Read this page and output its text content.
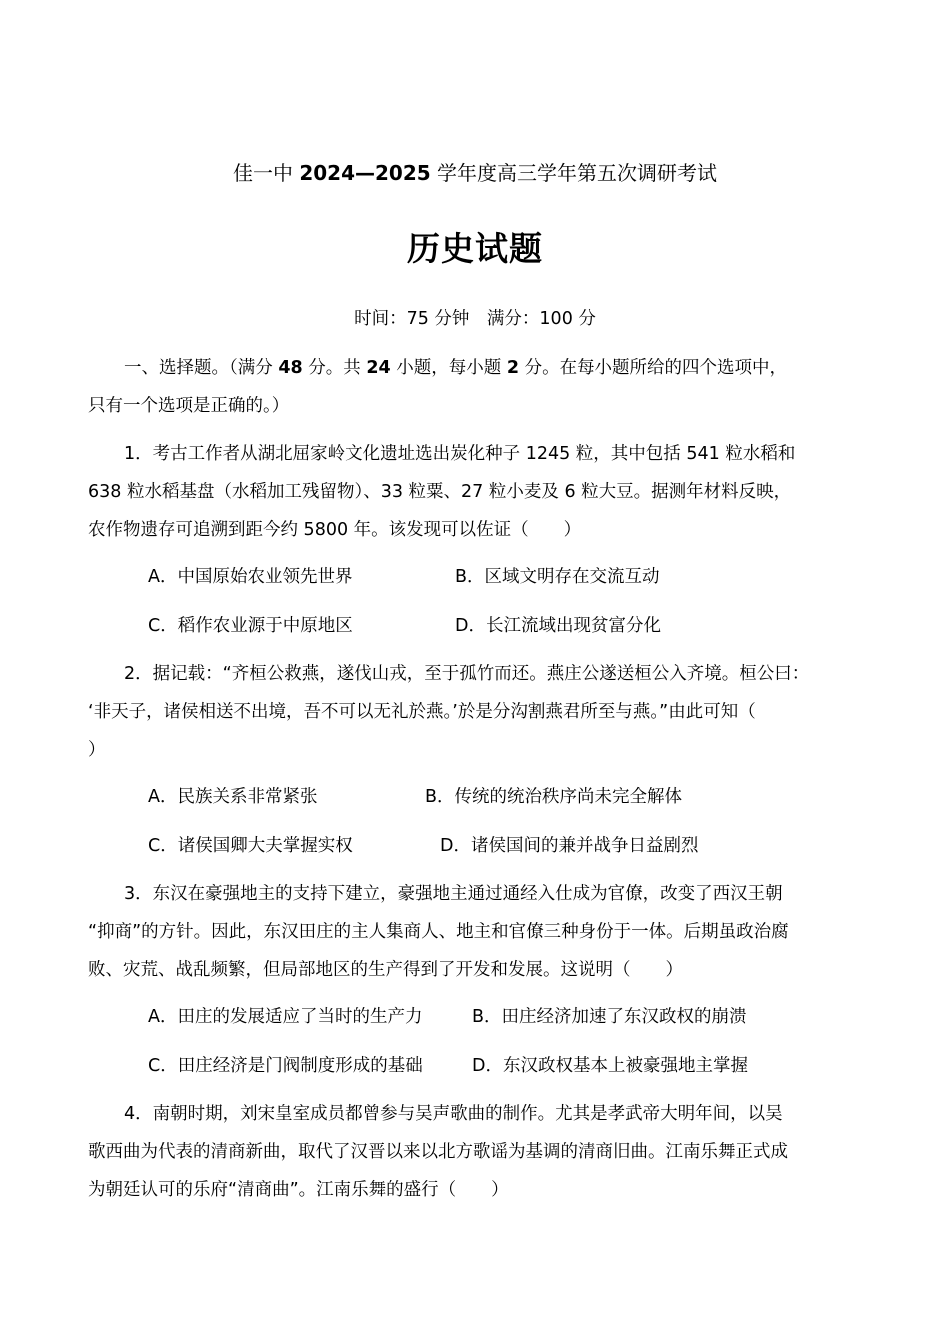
佳一中 2024—2025 学年度高三学年第五次调研考试
历史试题
时间：75 分钟　满分：100 分
一、选择题。（满分 48 分。共 24 小题，每小题 2 分。在每小题所给的四个选项中，
只有一个选项是正确的。）
1．考古工作者从湖北屈家岭文化遗址选出炭化种子 1245 粒，其中包括 541 粒水稻和
638 粒水稻基盘（水稻加工残留物）、33 粒粟、27 粒小麦及 6 粒大豆。据测年材料反映，
农作物遗存可追溯到距今约 5800 年。该发现可以佐证（　　）
A．中国原始农业领先世界	B．区域文明存在交流互动
C．稻作农业源于中原地区	D．长江流域出现贫富分化
2．据记载：“齐桓公救燕，遂伐山戎，至于孤竹而还。燕庄公遂送桓公入齐境。桓公曰：
‘非天子，诸侯相送不出境，吾不可以无礼於燕。’於是分沟割燕君所至与燕。”由此可知（
）
A．民族关系非常紧张	B．传统的统治秩序尚未完全解体
C．诸侯国卿大夫掌握实权	D．诸侯国间的兼并战争日益剧烈
3．东汉在豪强地主的支持下建立，豪强地主通过通经入仕成为官僚，改变了西汉王朝
“抑商”的方针。因此，东汉田庄的主人集商人、地主和官僚三种身份于一体。后期虽政治腐
败、灾荒、战乱频繁，但局部地区的生产得到了开发和发展。这说明（　　）
A．田庄的发展适应了当时的生产力	B．田庄经济加速了东汉政权的崩溃
C．田庄经济是门阀制度形成的基础	D．东汉政权基本上被豪强地主掌握
4．南朝时期，刘宋皇室成员都曾参与吴声歌曲的制作。尤其是孝武帝大明年间，以吴
歌西曲为代表的清商新曲，取代了汉晋以来以北方歌谣为基调的清商旧曲。江南乐舞正式成
为朝廷认可的乐府“清商曲”。江南乐舞的盛行（　　）
